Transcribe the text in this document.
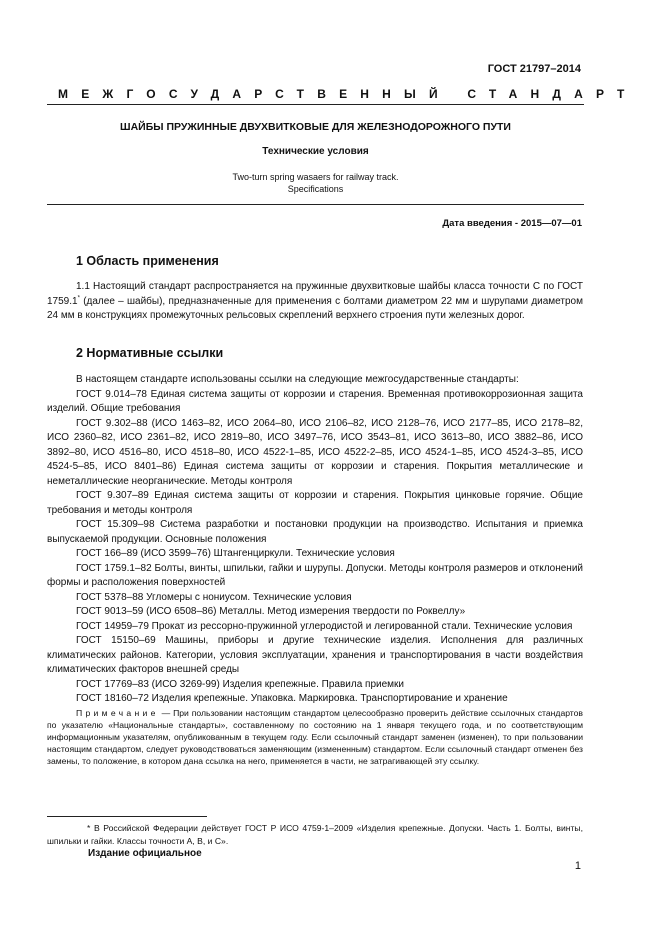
ГОСТ 21797–2014
МЕЖГОСУДАРСТВЕННЫЙ СТАНДАРТ
ШАЙБЫ ПРУЖИННЫЕ ДВУХВИТКОВЫЕ ДЛЯ ЖЕЛЕЗНОДОРОЖНОГО ПУТИ
Технические условия
Two-turn spring wasaers for railway track.
Specifications
Дата введения - 2015—07—01
1 Область применения

1.1 Настоящий стандарт распространяется на пружинные двухвитковые шайбы класса точности С по ГОСТ 1759.1* (далее – шайбы), предназначенные для применения с болтами диаметром 22 мм и шурупами диаметром 24 мм в конструкциях промежуточных рельсовых скреплений верхнего строения пути железных дорог.

2 Нормативные ссылки

В настоящем стандарте использованы ссылки на следующие межгосударственные стандарты:

ГОСТ 9.014–78 Единая система защиты от коррозии и старения. Временная противокоррозионная защита изделий. Общие требования

ГОСТ 9.302–88 (ИСО 1463–82, ИСО 2064–80, ИСО 2106–82, ИСО 2128–76, ИСО 2177–85, ИСО 2178–82, ИСО 2360–82, ИСО 2361–82, ИСО 2819–80, ИСО 3497–76, ИСО 3543–81, ИСО 3613–80, ИСО 3882–86, ИСО 3892–80, ИСО 4516–80, ИСО 4518–80, ИСО 4522-1–85, ИСО 4522-2–85, ИСО 4524-1–85, ИСО 4524-3–85, ИСО 4524-5–85, ИСО 8401–86) Единая система защиты от коррозии и старения. Покрытия металлические и неметаллические неорганические. Методы контроля

ГОСТ 9.307–89 Единая система защиты от коррозии и старения. Покрытия цинковые горячие. Общие требования и методы контроля

ГОСТ 15.309–98 Система разработки и постановки продукции на производство. Испытания и приемка выпускаемой продукции. Основные положения

ГОСТ 166–89 (ИСО 3599–76) Штангенциркули. Технические условия

ГОСТ 1759.1–82 Болты, винты, шпильки, гайки и шурупы. Допуски. Методы контроля размеров и отклонений формы и расположения поверхностей

ГОСТ 5378–88 Угломеры с нониусом. Технические условия

ГОСТ 9013–59 (ИСО 6508–86) Металлы. Метод измерения твердости по Роквеллу»

ГОСТ 14959–79 Прокат из рессорно-пружинной углеродистой и легированной стали. Технические условия

ГОСТ 15150–69 Машины, приборы и другие технические изделия. Исполнения для различных климатических районов. Категории, условия эксплуатации, хранения и транспортирования в части воздействия климатических факторов внешней среды

ГОСТ 17769–83 (ИСО 3269-99) Изделия крепежные. Правила приемки

ГОСТ 18160–72 Изделия крепежные. Упаковка. Маркировка. Транспортирование и хранение

Примечание — При пользовании настоящим стандартом целесообразно проверить действие ссылочных стандартов по указателю «Национальные стандарты», составленному по состоянию на 1 января текущего года, и по соответствующим информационным указателям, опубликованным в текущем году. Если ссылочный стандарт заменен (изменен), то при пользовании настоящим стандартом, следует руководствоваться заменяющим (измененным) стандартом. Если ссылочный стандарт отменен без замены, то положение, в котором дана ссылка на него, применяется в части, не затрагивающей эту ссылку.

* В Российской Федерации действует ГОСТ Р ИСО 4759-1–2009 «Изделия крепежные. Допуски. Часть 1. Болты, винты, шпильки и гайки. Классы точности А, В, и С».

Издание официальное
1
